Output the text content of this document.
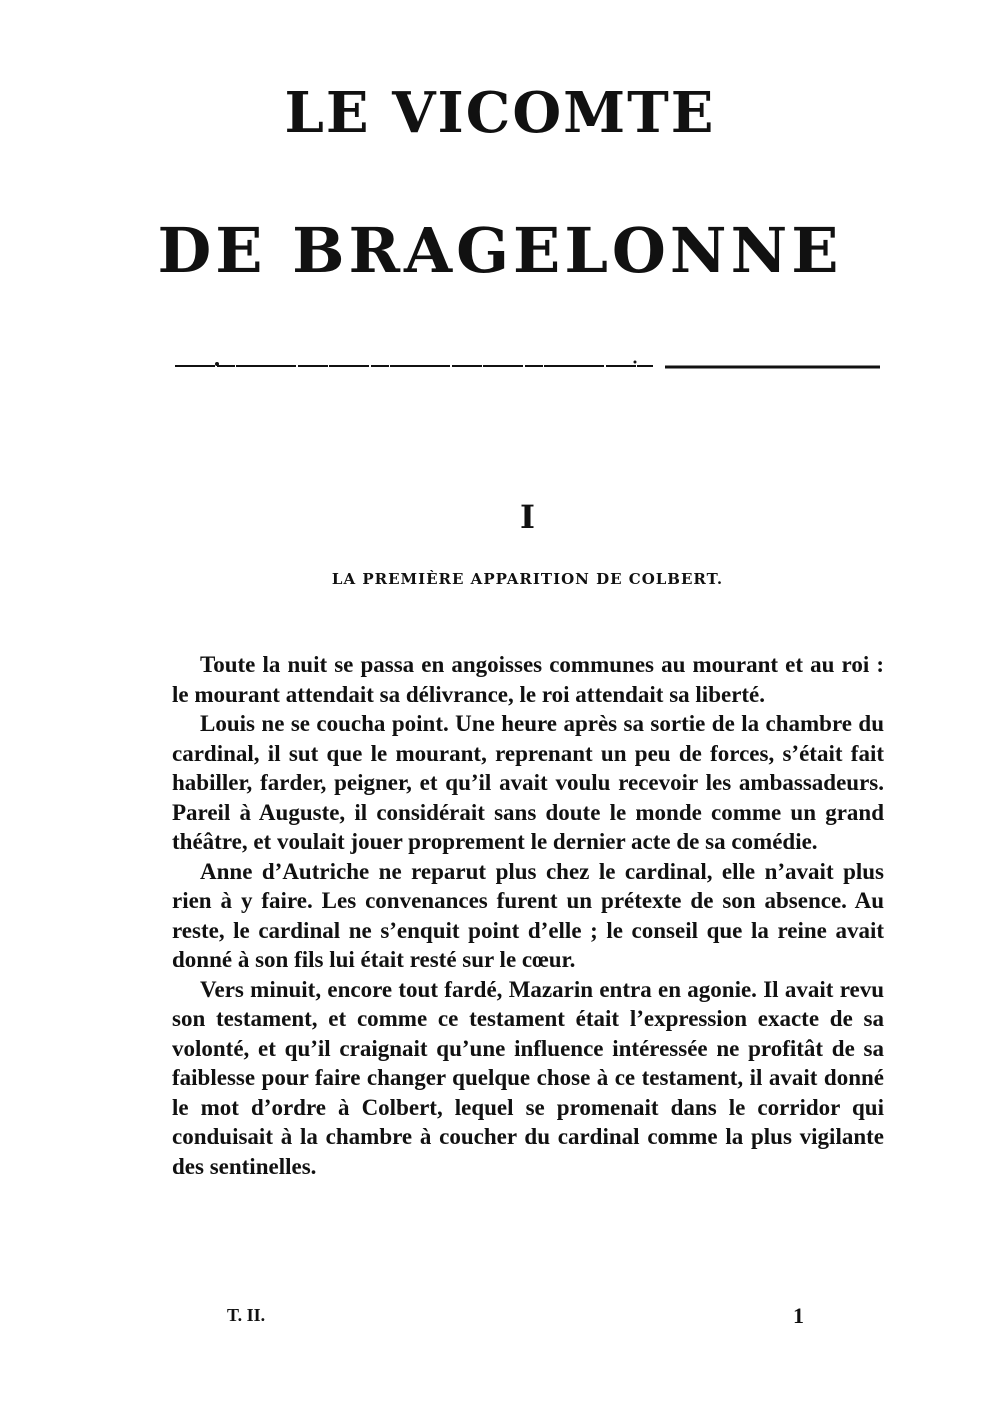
LE VICOMTE
DE BRAGELONNE
I
LA PREMIÈRE APPARITION DE COLBERT.

Toute la nuit se passa en angoisses communes au mourant et au roi : le mourant attendait sa délivrance, le roi attendait sa liberté.

Louis ne se coucha point. Une heure après sa sortie de la chambre du cardinal, il sut que le mourant, reprenant un peu de forces, s’était fait habiller, farder, peigner, et qu’il avait voulu recevoir les ambassadeurs. Pareil à Auguste, il considérait sans doute le monde comme un grand théâtre, et voulait jouer proprement le dernier acte de sa comédie.

Anne d’Autriche ne reparut plus chez le cardinal, elle n’avait plus rien à y faire. Les convenances furent un prétexte de son absence. Au reste, le cardinal ne s’enquit point d’elle ; le conseil que la reine avait donné à son fils lui était resté sur le cœur.

Vers minuit, encore tout fardé, Mazarin entra en agonie. Il avait revu son testament, et comme ce testament était l’expression exacte de sa volonté, et qu’il craignait qu’une influence intéressée ne profitât de sa faiblesse pour faire changer quelque chose à ce testament, il avait donné le mot d’ordre à Colbert, lequel se promenait dans le corridor qui conduisait à la chambre à coucher du cardinal comme la plus vigilante des sentinelles.

T. II.	1
